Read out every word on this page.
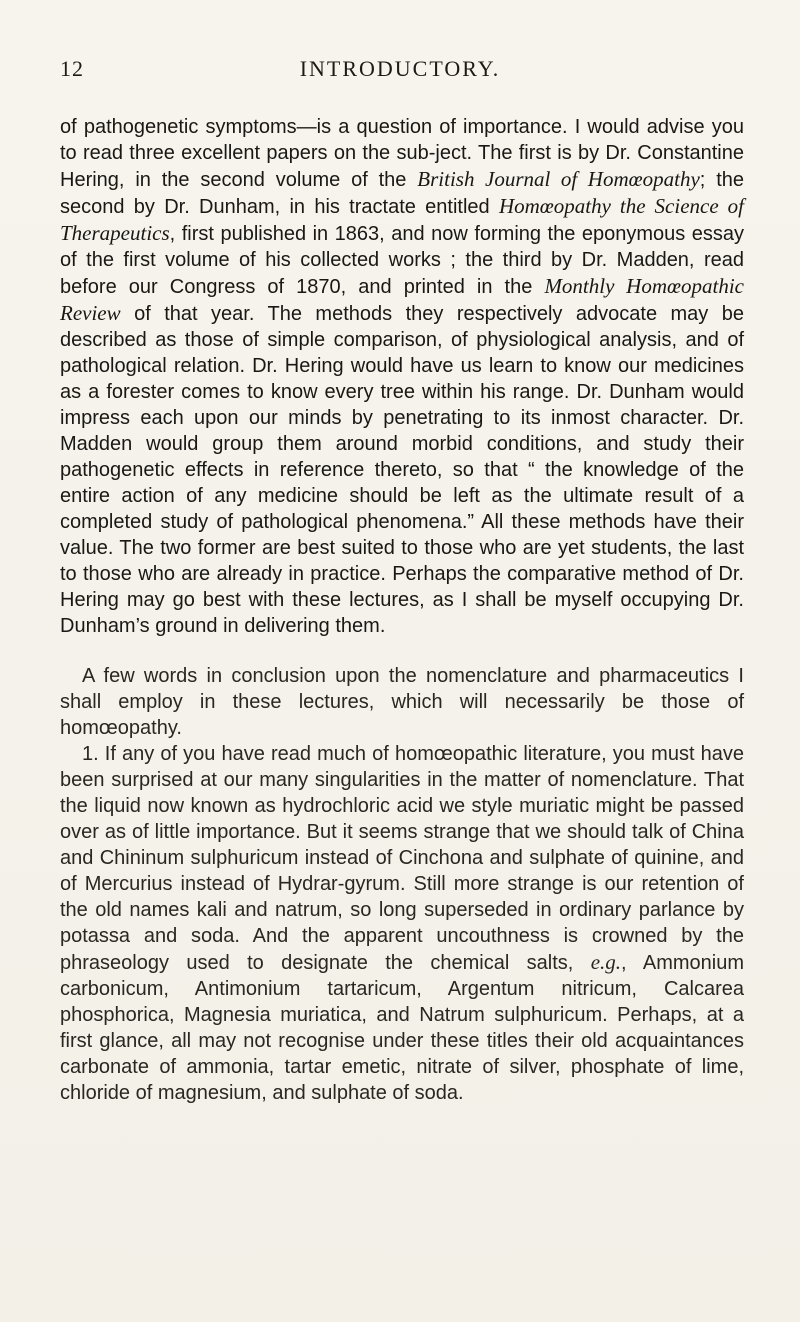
12	INTRODUCTORY.

of pathogenetic symptoms—is a question of importance. I would advise you to read three excellent papers on the sub-ject. The first is by Dr. Constantine Hering, in the second volume of the British Journal of Homœopathy; the second by Dr. Dunham, in his tractate entitled Homœopathy the Science of Therapeutics, first published in 1863, and now forming the eponymous essay of the first volume of his collected works ; the third by Dr. Madden, read before our Congress of 1870, and printed in the Monthly Homœopathic Review of that year. The methods they respectively advocate may be described as those of simple comparison, of physiological analysis, and of pathological relation. Dr. Hering would have us learn to know our medicines as a forester comes to know every tree within his range. Dr. Dunham would impress each upon our minds by penetrating to its inmost character. Dr. Madden would group them around morbid conditions, and study their pathogenetic effects in reference thereto, so that “ the knowledge of the entire action of any medicine should be left as the ultimate result of a completed study of pathological phenomena.” All these methods have their value. The two former are best suited to those who are yet students, the last to those who are already in practice. Perhaps the comparative method of Dr. Hering may go best with these lectures, as I shall be myself occupying Dr. Dunham’s ground in delivering them.

A few words in conclusion upon the nomenclature and pharmaceutics I shall employ in these lectures, which will necessarily be those of homœopathy.

1. If any of you have read much of homœopathic literature, you must have been surprised at our many singularities in the matter of nomenclature. That the liquid now known as hydrochloric acid we style muriatic might be passed over as of little importance. But it seems strange that we should talk of China and Chininum sulphuricum instead of Cinchona and sulphate of quinine, and of Mercurius instead of Hydrar-gyrum. Still more strange is our retention of the old names kali and natrum, so long superseded in ordinary parlance by potassa and soda. And the apparent uncouthness is crowned by the phraseology used to designate the chemical salts, e.g., Ammonium carbonicum, Antimonium tartaricum, Argentum nitricum, Calcarea phosphorica, Magnesia muriatica, and Natrum sulphuricum. Perhaps, at a first glance, all may not recognise under these titles their old acquaintances carbonate of ammonia, tartar emetic, nitrate of silver, phosphate of lime, chloride of magnesium, and sulphate of soda.
